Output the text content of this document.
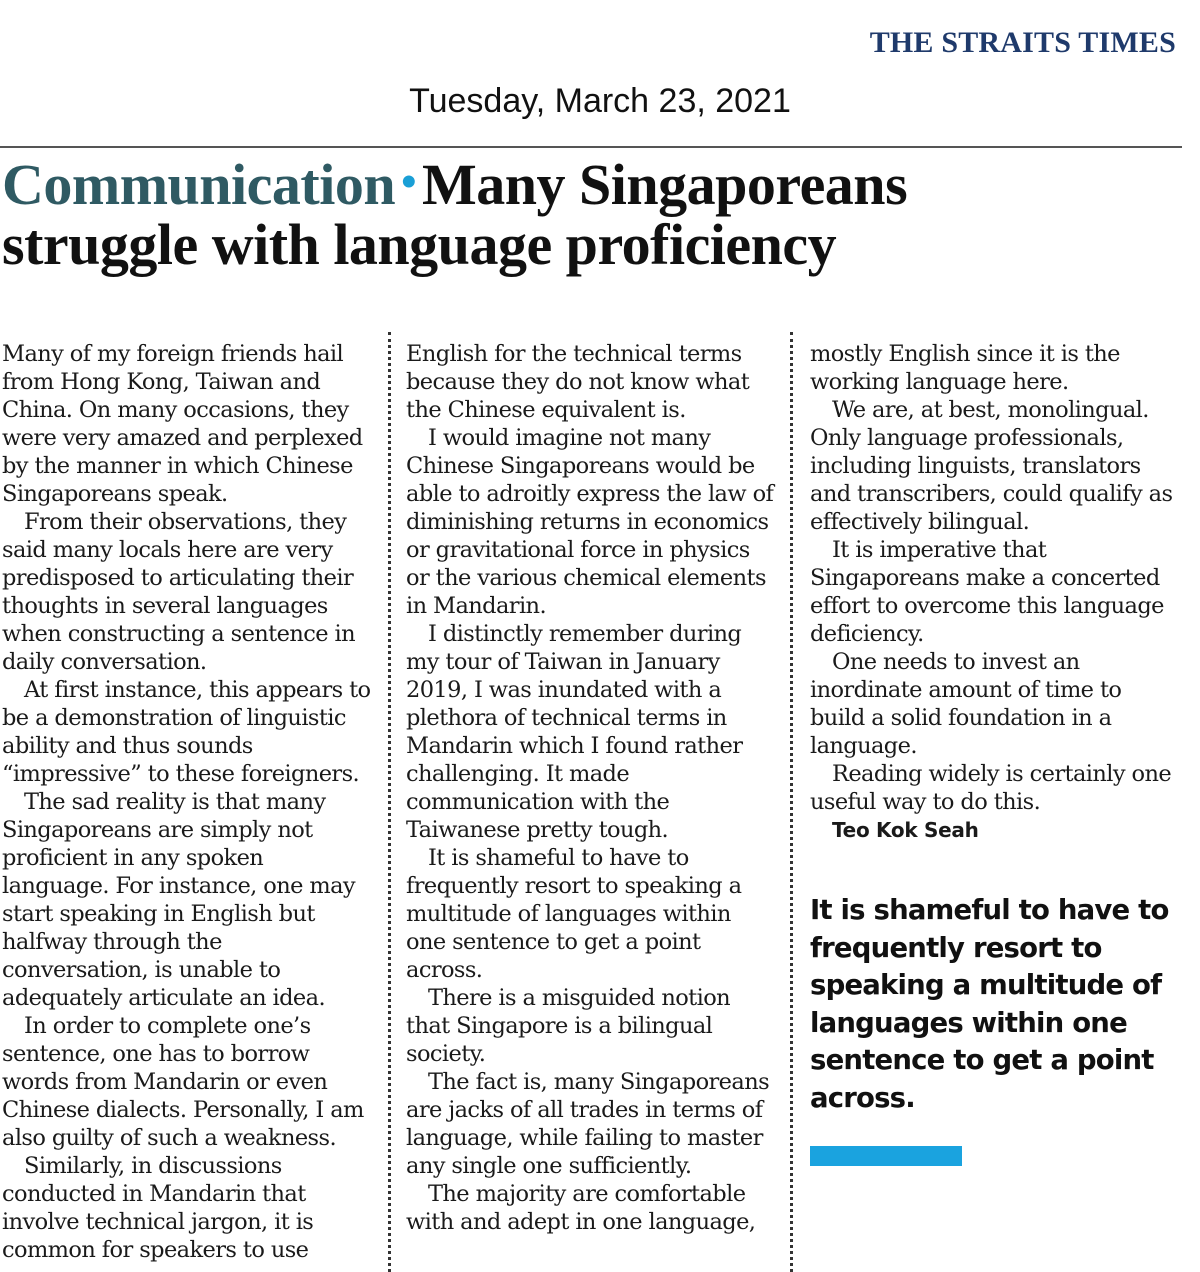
THE STRAITS TIMES
Tuesday, March 23, 2021
Communication • Many Singaporeans struggle with language proficiency

Many of my foreign friends hail from Hong Kong, Taiwan and China. On many occasions, they were very amazed and perplexed by the manner in which Chinese Singaporeans speak.

From their observations, they said many locals here are very predisposed to articulating their thoughts in several languages when constructing a sentence in daily conversation.

At first instance, this appears to be a demonstration of linguistic ability and thus sounds “impressive” to these foreigners.

The sad reality is that many Singaporeans are simply not proficient in any spoken language. For instance, one may start speaking in English but halfway through the conversation, is unable to adequately articulate an idea.

In order to complete one’s sentence, one has to borrow words from Mandarin or even Chinese dialects. Personally, I am also guilty of such a weakness.

Similarly, in discussions conducted in Mandarin that involve technical jargon, it is common for speakers to use

English for the technical terms because they do not know what the Chinese equivalent is.

I would imagine not many Chinese Singaporeans would be able to adroitly express the law of diminishing returns in economics or gravitational force in physics or the various chemical elements in Mandarin.

I distinctly remember during my tour of Taiwan in January 2019, I was inundated with a plethora of technical terms in Mandarin which I found rather challenging. It made communication with the Taiwanese pretty tough.

It is shameful to have to frequently resort to speaking a multitude of languages within one sentence to get a point across.

There is a misguided notion that Singapore is a bilingual society.

The fact is, many Singaporeans are jacks of all trades in terms of language, while failing to master any single one sufficiently.

The majority are comfortable with and adept in one language,

mostly English since it is the working language here.

We are, at best, monolingual. Only language professionals, including linguists, translators and transcribers, could qualify as effectively bilingual.

It is imperative that Singaporeans make a concerted effort to overcome this language deficiency.

One needs to invest an inordinate amount of time to build a solid foundation in a language.

Reading widely is certainly one useful way to do this.

Teo Kok Seah

It is shameful to have to frequently resort to speaking a multitude of languages within one sentence to get a point across.
